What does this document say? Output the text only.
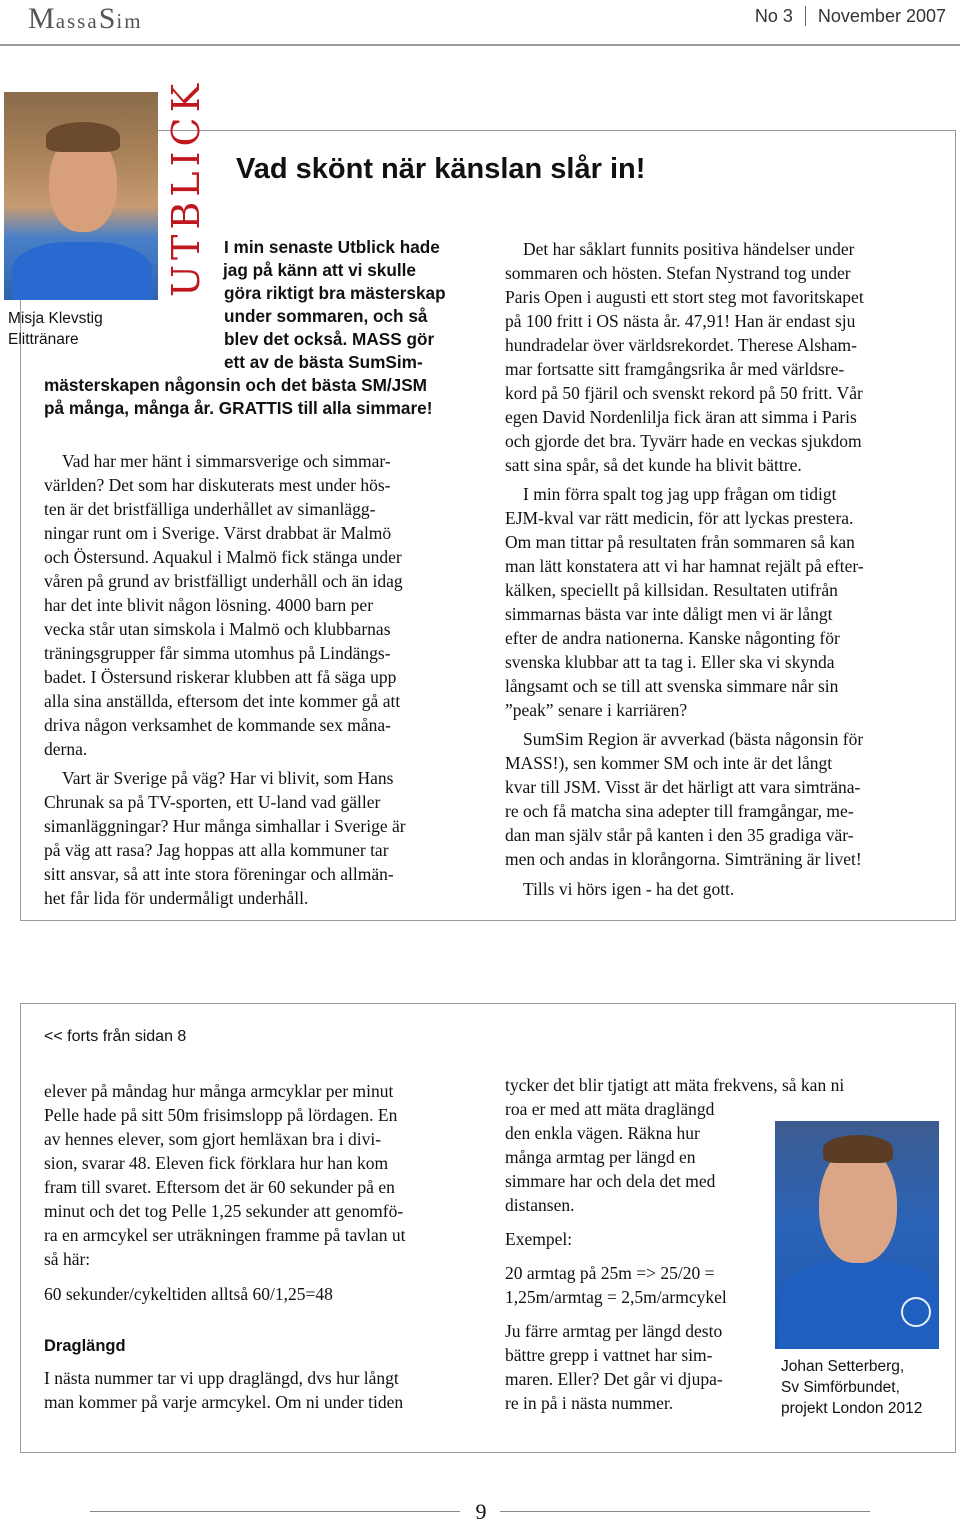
MassaSim	No 3 November 2007
UTBLICK
Misja Klevstig
Elittränare
Vad skönt när känslan slår in!
I min senaste Utblick hade
jag på känn att vi skulle
göra riktigt bra mästerskap
under sommaren, och så
blev det också. MASS gör
ett av de bästa SumSim-
mästerskapen någonsin och det bästa SM/JSM
på många, många år. GRATTIS till alla simmare!
Vad har mer hänt i simmarsverige och simmar-
världen? Det som har diskuterats mest under hös-
ten är det bristfälliga underhållet av simanlägg-
ningar runt om i Sverige. Värst drabbat är Malmö
och Östersund. Aquakul i Malmö fick stänga under
våren på grund av bristfälligt underhåll och än idag
har det inte blivit någon lösning. 4000 barn per
vecka står utan simskola i Malmö och klubbarnas
träningsgrupper får simma utomhus på Lindängs-
badet. I Östersund riskerar klubben att få säga upp
alla sina anställda, eftersom det inte kommer gå att
driva någon verksamhet de kommande sex måna-
derna.
Vart är Sverige på väg? Har vi blivit, som Hans
Chrunak sa på TV-sporten, ett U-land vad gäller
simanläggningar? Hur många simhallar i Sverige är
på väg att rasa? Jag hoppas att alla kommuner tar
sitt ansvar, så att inte stora föreningar och allmän-
het får lida för undermåligt underhåll.
Det har såklart funnits positiva händelser under
sommaren och hösten. Stefan Nystrand tog under
Paris Open i augusti ett stort steg mot favoritskapet
på 100 fritt i OS nästa år. 47,91! Han är endast sju
hundradelar över världsrekordet. Therese Alsham-
mar fortsatte sitt framgångsrika år med världsre-
kord på 50 fjäril och svenskt rekord på 50 fritt. Vår
egen David Nordenlilja fick äran att simma i Paris
och gjorde det bra. Tyvärr hade en veckas sjukdom
satt sina spår, så det kunde ha blivit bättre.
I min förra spalt tog jag upp frågan om tidigt
EJM-kval var rätt medicin, för att lyckas prestera.
Om man tittar på resultaten från sommaren så kan
man lätt konstatera att vi har hamnat rejält på efter-
kälken, speciellt på killsidan. Resultaten utifrån
simmarnas bästa var inte dåligt men vi är långt
efter de andra nationerna. Kanske någonting för
svenska klubbar att ta tag i. Eller ska vi skynda
långsamt och se till att svenska simmare når sin
”peak” senare i karriären?
SumSim Region är avverkad (bästa någonsin för
MASS!), sen kommer SM och inte är det långt
kvar till JSM. Visst är det härligt att vara simträna-
re och få matcha sina adepter till framgångar, me-
dan man själv står på kanten i den 35 gradiga vär-
men och andas in klorångorna. Simträning är livet!
Tills vi hörs igen - ha det gott.
<< forts från sidan 8
elever på måndag hur många armcyklar per minut
Pelle hade på sitt 50m frisimslopp på lördagen. En
av hennes elever, som gjort hemläxan bra i divi-
sion, svarar 48. Eleven fick förklara hur han kom
fram till svaret. Eftersom det är 60 sekunder på en
minut och det tog Pelle 1,25 sekunder att genomfö-
ra en armcykel ser uträkningen framme på tavlan ut
så här:
60 sekunder/cykeltiden alltså 60/1,25=48
Draglängd
I nästa nummer tar vi upp draglängd, dvs hur långt
man kommer på varje armcykel. Om ni under tiden
tycker det blir tjatigt att mäta frekvens, så kan ni
roa er med att mäta draglängd
den enkla vägen. Räkna hur
många armtag per längd en
simmare har och dela det med
distansen.
Exempel:
20 armtag på 25m => 25/20 =
1,25m/armtag = 2,5m/armcykel
Ju färre armtag per längd desto
bättre grepp i vattnet har sim-
maren. Eller? Det går vi djupa-
re in på i nästa nummer.
Johan Setterberg,
Sv Simförbundet,
projekt London 2012
9
